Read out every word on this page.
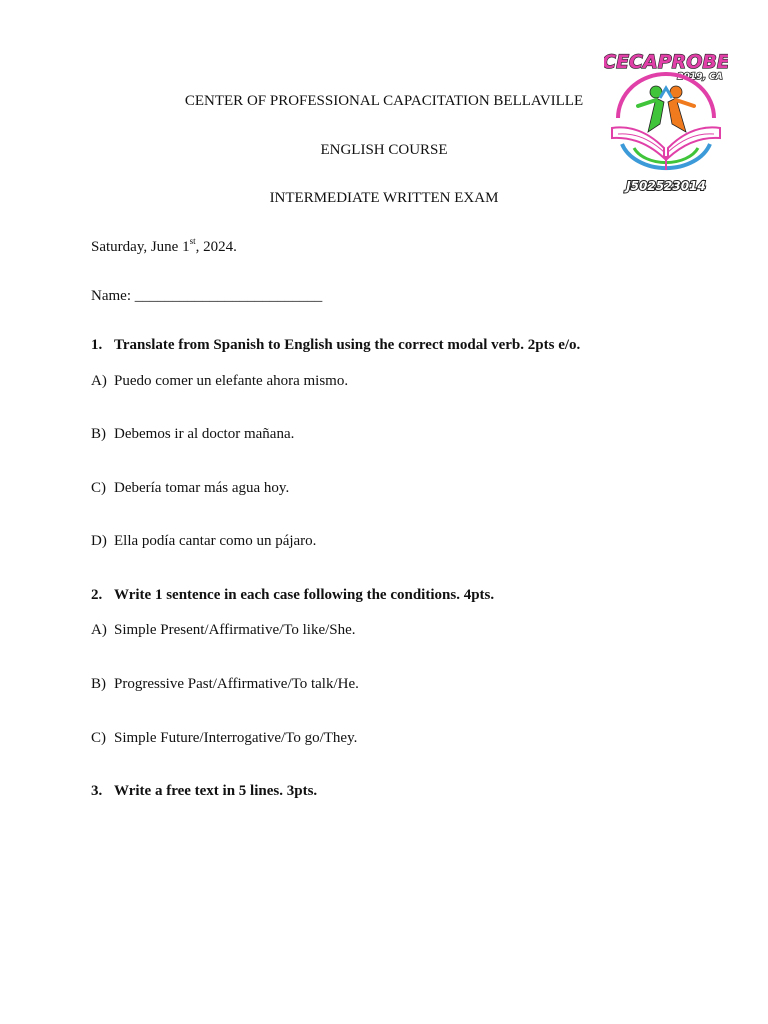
CENTER OF PROFESSIONAL CAPACITATION BELLAVILLE
ENGLISH COURSE
INTERMEDIATE WRITTEN EXAM
CECAPROBE
2019, CA
J502523014
Saturday, June 1st, 2024.
Name: _________________________
1. Translate from Spanish to English using the correct modal verb. 2pts e/o.
A) Puedo comer un elefante ahora mismo.
B) Debemos ir al doctor mañana.
C) Debería tomar más agua hoy.
D) Ella podía cantar como un pájaro.
2. Write 1 sentence in each case following the conditions. 4pts.
A) Simple Present/Affirmative/To like/She.
B) Progressive Past/Affirmative/To talk/He.
C) Simple Future/Interrogative/To go/They.
3. Write a free text in 5 lines. 3pts.
